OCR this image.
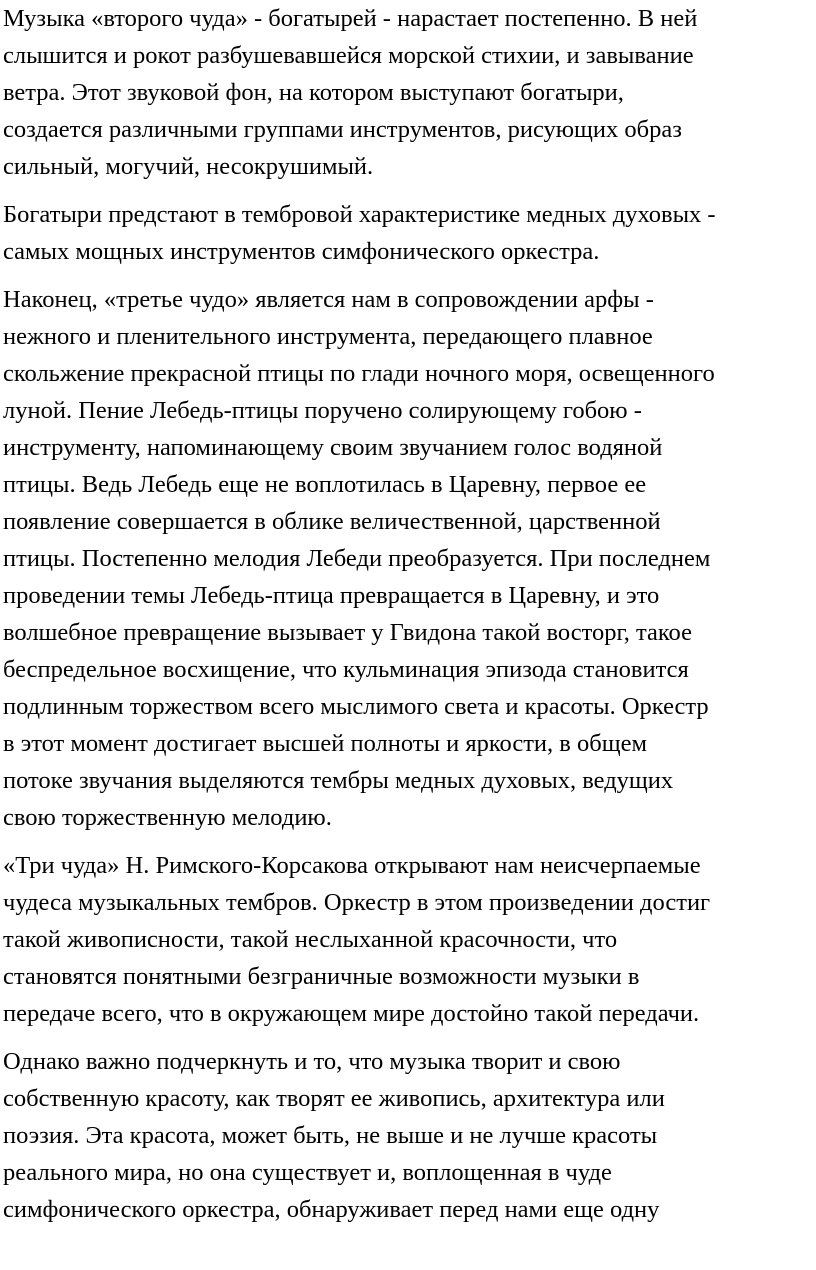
Музыка «второго чуда» - богатырей - нарастает постепенно. В ней
слышится и рокот разбушевавшейся морской стихии, и завывание
ветра. Этот звуковой фон, на котором выступают богатыри,
создается различными группами инструментов, рисующих образ
сильный, могучий, несокрушимый.

Богатыри предстают в тембровой характеристике медных духовых -
самых мощных инструментов симфонического оркестра.

Наконец, «третье чудо» является нам в сопровождении арфы -
нежного и пленительного инструмента, передающего плавное
скольжение прекрасной птицы по глади ночного моря, освещенного
луной. Пение Лебедь-птицы поручено солирующему гобою -
инструменту, напоминающему своим звучанием голос водяной
птицы. Ведь Лебедь еще не воплотилась в Царевну, первое ее
появление совершается в облике величественной, царственной
птицы. Постепенно мелодия Лебеди преобразуется. При последнем
проведении темы Лебедь-птица превращается в Царевну, и это
волшебное превращение вызывает у Гвидона такой восторг, такое
беспредельное восхищение, что кульминация эпизода становится
подлинным торжеством всего мыслимого света и красоты. Оркестр
в этот момент достигает высшей полноты и яркости, в общем
потоке звучания выделяются тембры медных духовых, ведущих
свою торжественную мелодию.

«Три чуда» Н. Римского-Корсакова открывают нам неисчерпаемые
чудеса музыкальных тембров. Оркестр в этом произведении достиг
такой живописности, такой неслыханной красочности, что
становятся понятными безграничные возможности музыки в
передаче всего, что в окружающем мире достойно такой передачи.

Однако важно подчеркнуть и то, что музыка творит и свою
собственную красоту, как творят ее живопись, архитектура или
поэзия. Эта красота, может быть, не выше и не лучше красоты
реального мира, но она существует и, воплощенная в чуде
симфонического оркестра, обнаруживает перед нами еще одну
